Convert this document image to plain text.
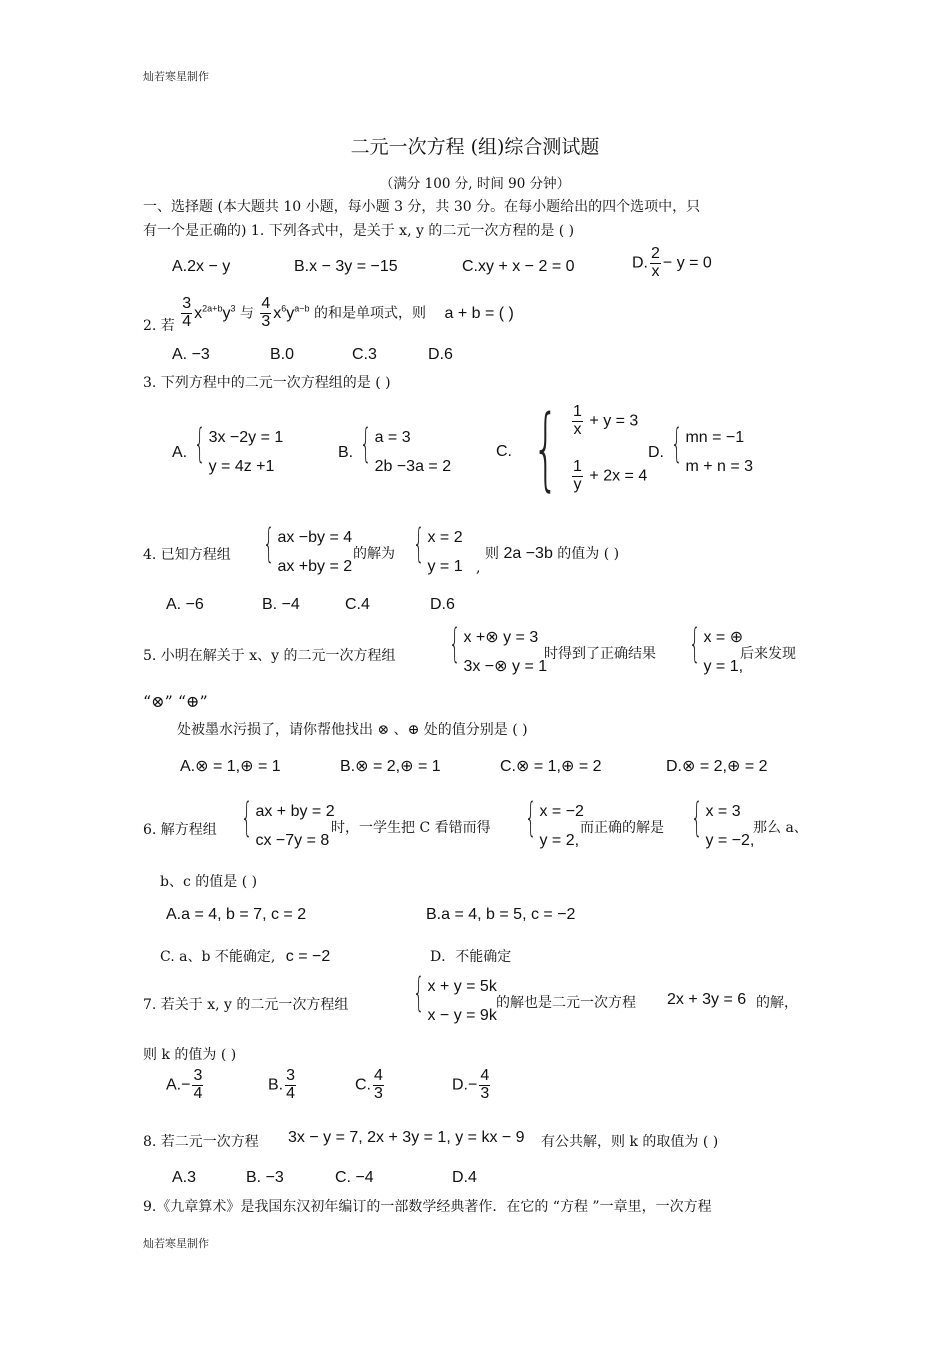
灿若寒星制作
灿若寒星制作
二元一次方程 (组)综合测试题
（满分 100 分, 时间 90 分钟）
一、选择题 (本大题共 10 小题，每小题 3 分，共 30 分。在每小题给出的四个选项中，只
有一个是正确的) 1. 下列各式中，是关于 x, y 的二元一次方程的是 ( )
A.2x − y	B.x − 3y = −15	C.xy + x − 2 = 0	D. $\frac{2}{x} - y = 0$
2. 若 $\frac{3}{4} x^{2a+b}y^3$ 与 $\frac{4}{3} x^6y^{a-b}$ 的和是单项式，则 a + b = ( )
A. −3	B.0	C.3	D.6
3. 下列方程中的二元一次方程组的是 ( )
A. { 3x −2y = 1
y = 4z +1
B. { a = 3
2b −3a = 2
C. { $\frac{1}{x} + y = 3$
$\frac{1}{y} + 2x = 4$
D. { mn = −1
m + n = 3
4. 已知方程组 { ax −by = 4
ax +by = 2
的解为 { x = 2
y = 1 ,
则 2a −3b 的值为 ( )
A. −6	B. −4	C.4	D.6
5. 小明在解关于 x、y 的二元一次方程组 { x +⊗ y = 3
3x −⊗ y = 1
时得到了正确结果 { x = ⊕
y = 1,
后来发现
“⊗” “⊕”
处被墨水污损了，请你帮他找出 ⊗ 、⊕ 处的值分别是 ( )
A.⊗ = 1,⊕ = 1	B.⊗ = 2,⊕ = 1	C.⊗ = 1,⊕ = 2	D.⊗ = 2,⊕ = 2
6. 解方程组 { ax + by = 2
cx −7y = 8
时，一学生把 C 看错而得 { x = −2
y = 2,
而正确的解是 { x = 3
y = −2,
那么 a、
b、c 的值是 ( )
A.a = 4, b = 7, c = 2	B.a = 4, b = 5, c = −2
C. a、b 不能确定, c = −2	D．不能确定
7. 若关于 x, y 的二元一次方程组 { x + y = 5k
x − y = 9k
的解也是二元一次方程 2x + 3y = 6 的解，
则 k 的值为 ( )
$A.- \frac{3}{4}$	B. $\frac{3}{4}$	C. $\frac{4}{3}$	$D.- \frac{4}{3}$
8. 若二元一次方程 3x − y = 7, 2x + 3y = 1, y = kx − 9 有公共解，则 k 的取值为 ( )
A.3	B. −3	C. −4	D.4
9.《九章算术》是我国东汉初年编订的一部数学经典著作．在它的 “方程 ”一章里，一次方程
